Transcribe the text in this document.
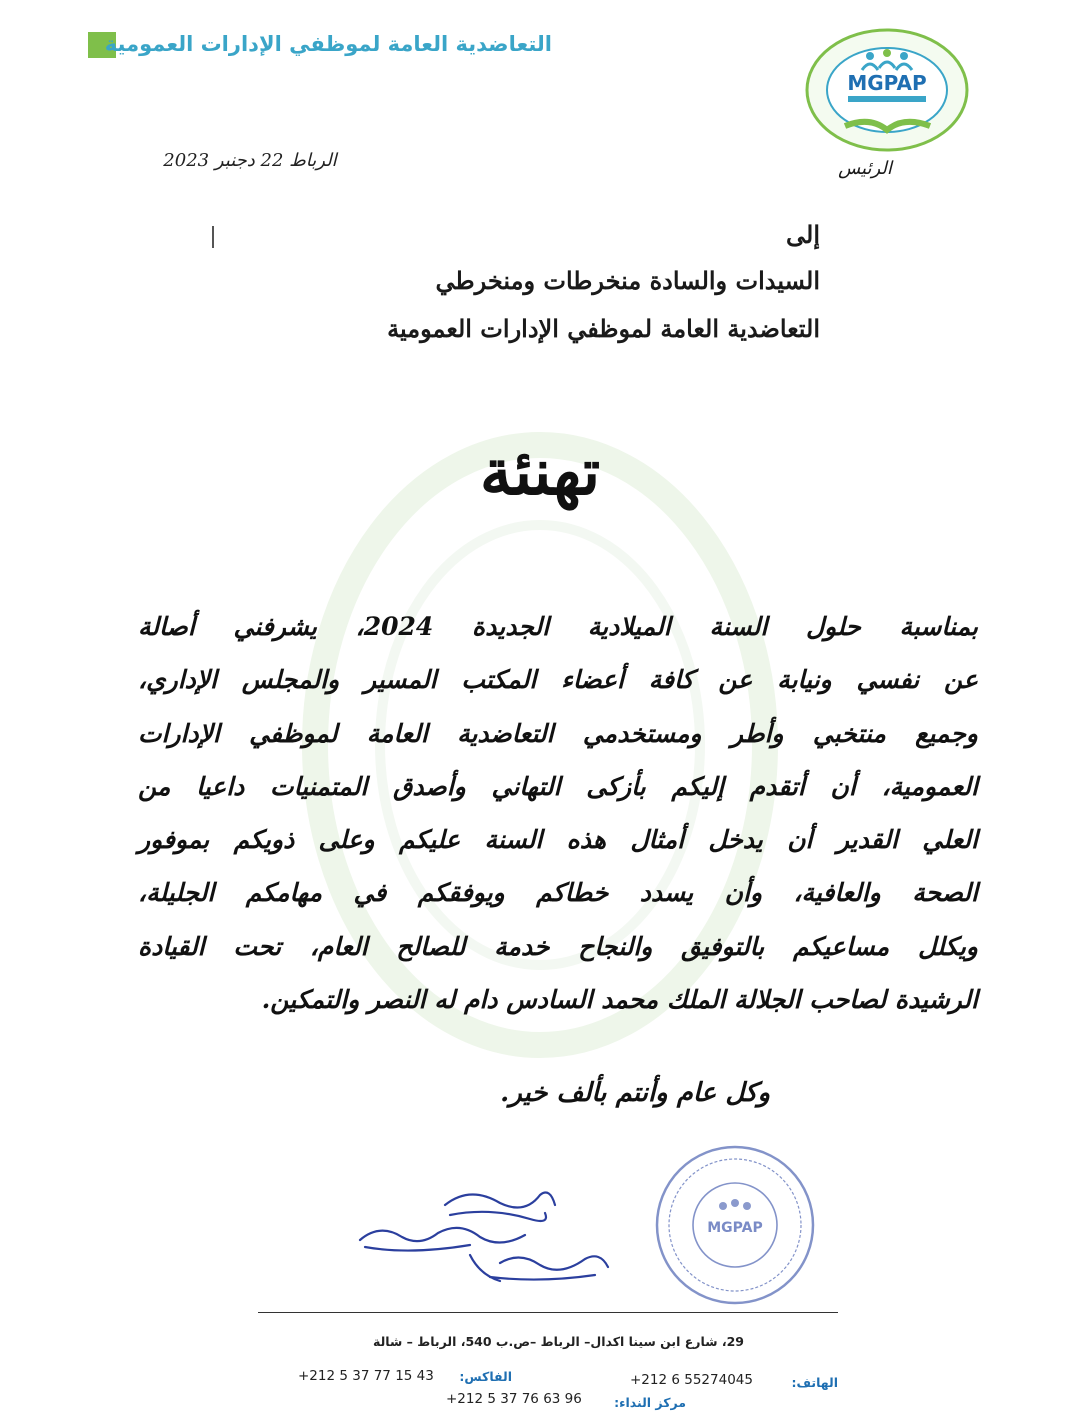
التعاضدية العامة لموظفي الإدارات العمومية
MGPAP
الرئيس
الرباط 22 دجنبر 2023
إلى
السيدات والسادة منخرطات ومنخرطي
التعاضدية العامة لموظفي الإدارات العمومية
تهنئة
بمناسبة حلول السنة الميلادية الجديدة 2024، يشرفني أصالة
عن نفسي ونيابة عن كافة أعضاء المكتب المسير والمجلس الإداري،
وجميع منتخبي وأطر ومستخدمي التعاضدية العامة لموظفي الإدارات
العمومية، أن أتقدم إليكم بأزكى التهاني وأصدق المتمنيات داعيا من
العلي القدير أن يدخل أمثال هذه السنة عليكم وعلى ذويكم بموفور
الصحة والعافية، وأن يسدد خطاكم ويوفقكم في مهامكم الجليلة،
ويكلل مساعيكم بالتوفيق والنجاح خدمة للصالح العام، تحت القيادة
الرشيدة لصاحب الجلالة الملك محمد السادس دام له النصر والتمكين.
وكل عام وأنتم بألف خير.
MGPAP
29، شارع ابن سينا اكدال– الرباط –ص.ب 540، الرباط – شالة
الهاتف:
+212 6 55274045
الفاكس:
+212 5 37 77 15 43
مركز النداء:
+212 5 37 76 63 96
